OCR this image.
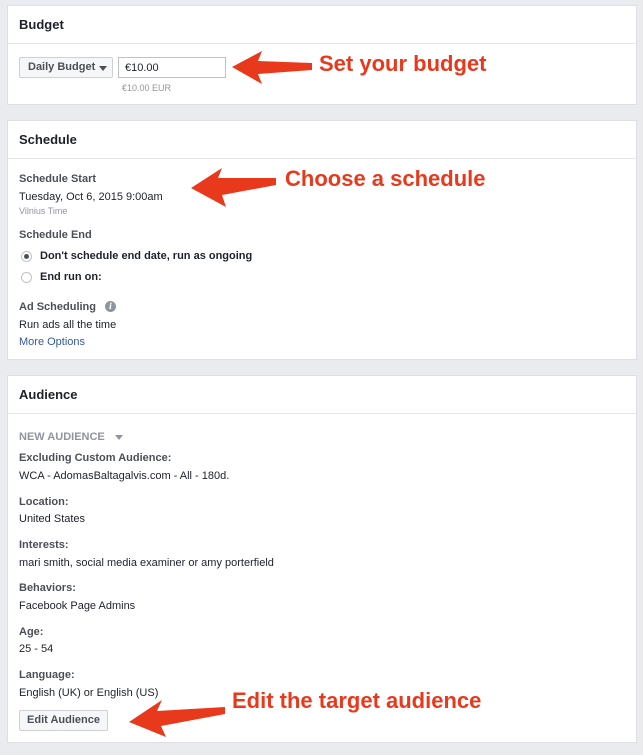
Budget
Daily Budget
€10.00
€10.00 EUR
Schedule
Schedule Start
Tuesday, Oct 6, 2015 9:00am
Vilnius Time
Schedule End
Don't schedule end date, run as ongoing
End run on:
Ad Scheduling	i
Run ads all the time
More Options
Audience
NEW AUDIENCE
Excluding Custom Audience:
WCA - AdomasBaltagalvis.com - All - 180d.
Location:
United States
Interests:
mari smith, social media examiner or amy porterfield
Behaviors:
Facebook Page Admins
Age:
25 - 54
Language:
English (UK) or English (US)
Edit Audience
Set your budget
Choose a schedule
Edit the target audience
